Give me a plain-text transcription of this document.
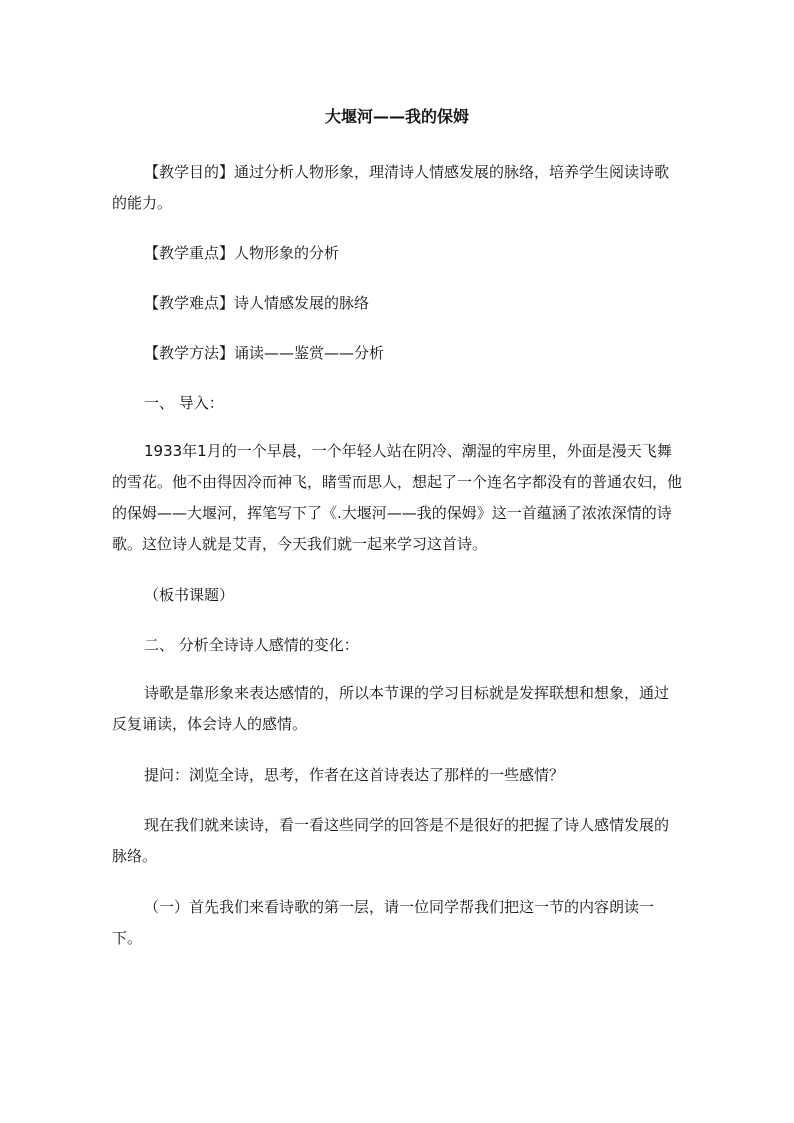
大堰河——我的保姆

【教学目的】通过分析人物形象，理清诗人情感发展的脉络，培养学生阅读诗歌的能力。

【教学重点】人物形象的分析

【教学难点】诗人情感发展的脉络

【教学方法】诵读——鉴赏——分析

一、 导入：

1933年1月的一个早晨，一个年轻人站在阴冷、潮湿的牢房里，外面是漫天飞舞的雪花。他不由得因冷而神飞，睹雪而思人，想起了一个连名字都没有的普通农妇，他的保姆——大堰河，挥笔写下了《.大堰河——我的保姆》这一首蕴涵了浓浓深情的诗歌。这位诗人就是艾青，今天我们就一起来学习这首诗。

（板书课题）

二、 分析全诗诗人感情的变化：

诗歌是靠形象来表达感情的，所以本节课的学习目标就是发挥联想和想象，通过反复诵读，体会诗人的感情。

提问：浏览全诗，思考，作者在这首诗表达了那样的一些感情？

现在我们就来读诗，看一看这些同学的回答是不是很好的把握了诗人感情发展的脉络。

（一）首先我们来看诗歌的第一层，请一位同学帮我们把这一节的内容朗读一下。
